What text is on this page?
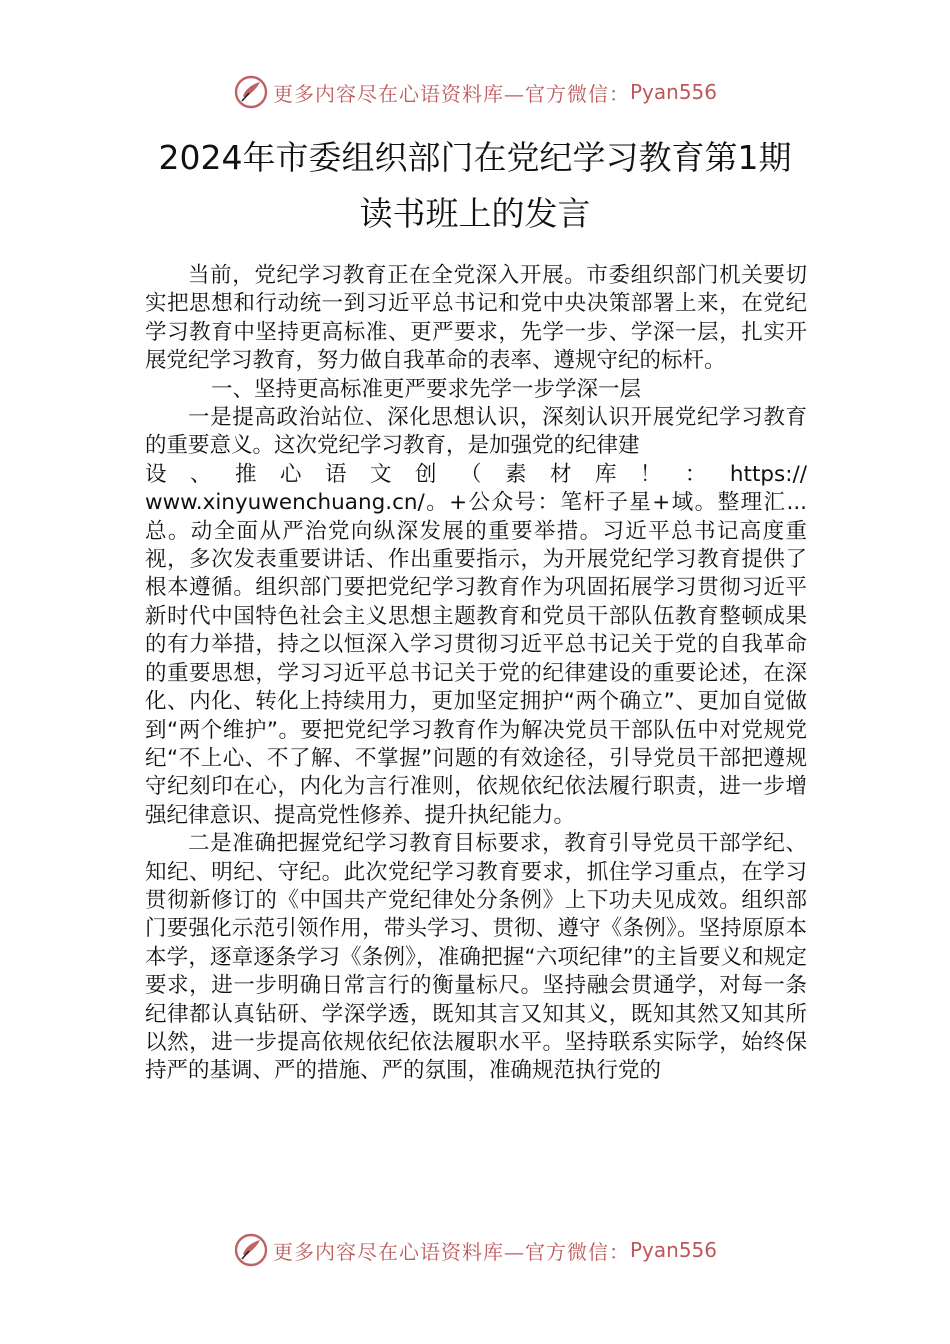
更多内容尽在心语资料库—官方微信： Pyan556
2024年市委组织部门在党纪学习教育第1期
读书班上的发言

当前，党纪学习教育正在全党深入开展。市委组织部门机关要切实把思想和行动统一到习近平总书记和党中央决策部署上来，在党纪学习教育中坚持更高标准、更严要求，先学一步、学深一层，扎实开展党纪学习教育，努力做自我革命的表率、遵规守纪的标杆。

一、坚持更高标准更严要求先学一步学深一层

一是提高政治站位、深化思想认识，深刻认识开展党纪学习教育的重要意义。这次党纪学习教育，是加强党的纪律建

设 、 推 心 语 文 创 （ 素 材 库 ！ ： https://

www.xinyuwenchuang.cn/。+公众号：笔杆子星+域。整理汇...总。动全面从严治党向纵深发展的重要举措。习近平总书记高度重视，多次发表重要讲话、作出重要指示，为开展党纪学习教育提供了根本遵循。组织部门要把党纪学习教育作为巩固拓展学习贯彻习近平新时代中国特色社会主义思想主题教育和党员干部队伍教育整顿成果的有力举措，持之以恒深入学习贯彻习近平总书记关于党的自我革命的重要思想，学习习近平总书记关于党的纪律建设的重要论述，在深化、内化、转化上持续用力，更加坚定拥护“两个确立”、更加自觉做到“两个维护”。要把党纪学习教育作为解决党员干部队伍中对党规党纪“不上心、不了解、不掌握”问题的有效途径，引导党员干部把遵规守纪刻印在心，内化为言行准则，依规依纪依法履行职责，进一步增强纪律意识、提高党性修养、提升执纪能力。

二是准确把握党纪学习教育目标要求，教育引导党员干部学纪、知纪、明纪、守纪。此次党纪学习教育要求，抓住学习重点，在学习贯彻新修订的《中国共产党纪律处分条例》上下功夫见成效。组织部门要强化示范引领作用，带头学习、贯彻、遵守《条例》。坚持原原本本学，逐章逐条学习《条例》，准确把握“六项纪律”的主旨要义和规定要求，进一步明确日常言行的衡量标尺。坚持融会贯通学，对每一条纪律都认真钻研、学深学透，既知其言又知其义，既知其然又知其所以然，进一步提高依规依纪依法履职水平。坚持联系实际学，始终保持严的基调、严的措施、严的氛围，准确规范执行党的

更多内容尽在心语资料库—官方微信： Pyan556
